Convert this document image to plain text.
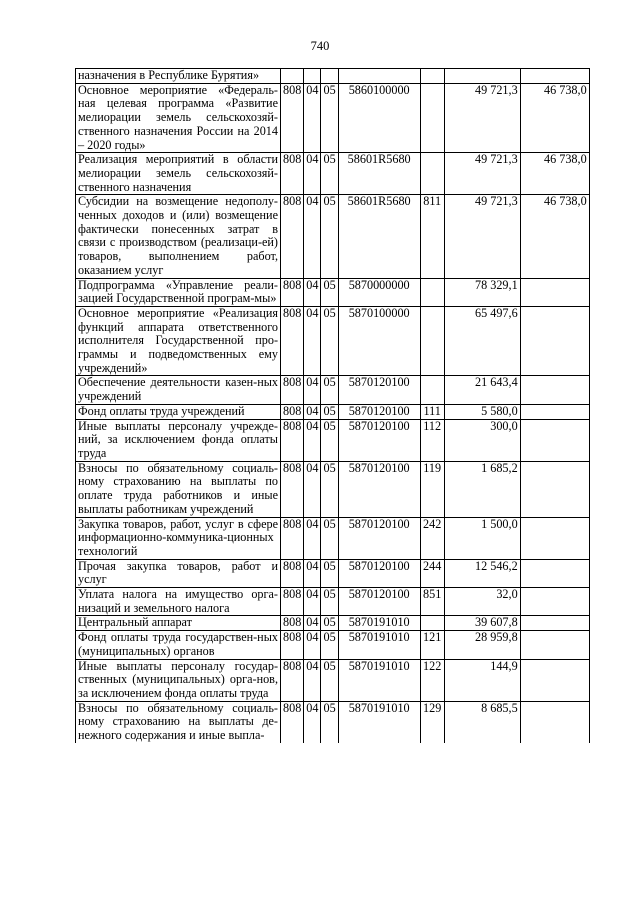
740
назначения в Республике Бурятия»							
Основное мероприятие «Федераль-ная целевая программа «Развитие мелиорации земель сельскохозяй-ственного назначения России на 2014 – 2020 годы»	808	04	05	5860100000		49 721,3	46 738,0
Реализация мероприятий в области мелиорации земель сельскохозяй-ственного назначения	808	04	05	58601R5680		49 721,3	46 738,0
Субсидии на возмещение недополу-ченных доходов и (или) возмещение фактически понесенных затрат в связи с производством (реализаци-ей) товаров, выполнением работ, оказанием услуг	808	04	05	58601R5680	811	49 721,3	46 738,0
Подпрограмма «Управление реали-зацией Государственной програм-мы»	808	04	05	5870000000		78 329,1	
Основное мероприятие «Реализация функций аппарата ответственного исполнителя Государственной про-граммы и подведомственных ему учреждений»	808	04	05	5870100000		65 497,6	
Обеспечение деятельности казен-ных учреждений	808	04	05	5870120100		21 643,4	
Фонд оплаты труда учреждений	808	04	05	5870120100	111	5 580,0	
Иные выплаты персоналу учрежде-ний, за исключением фонда оплаты труда	808	04	05	5870120100	112	300,0	
Взносы по обязательному социаль-ному страхованию на выплаты по оплате труда работников и иные выплаты работникам учреждений	808	04	05	5870120100	119	1 685,2	
Закупка товаров, работ, услуг в сфере информационно-коммуника-ционных технологий	808	04	05	5870120100	242	1 500,0	
Прочая закупка товаров, работ и услуг	808	04	05	5870120100	244	12 546,2	
Уплата налога на имущество орга-низаций и земельного налога	808	04	05	5870120100	851	32,0	
Центральный аппарат	808	04	05	5870191010		39 607,8	
Фонд оплаты труда государствен-ных (муниципальных) органов	808	04	05	5870191010	121	28 959,8	
Иные выплаты персоналу государ-ственных (муниципальных) орга-нов, за исключением фонда оплаты труда	808	04	05	5870191010	122	144,9	
Взносы по обязательному социаль-ному страхованию на выплаты де-нежного содержания и иные выпла-	808	04	05	5870191010	129	8 685,5	
